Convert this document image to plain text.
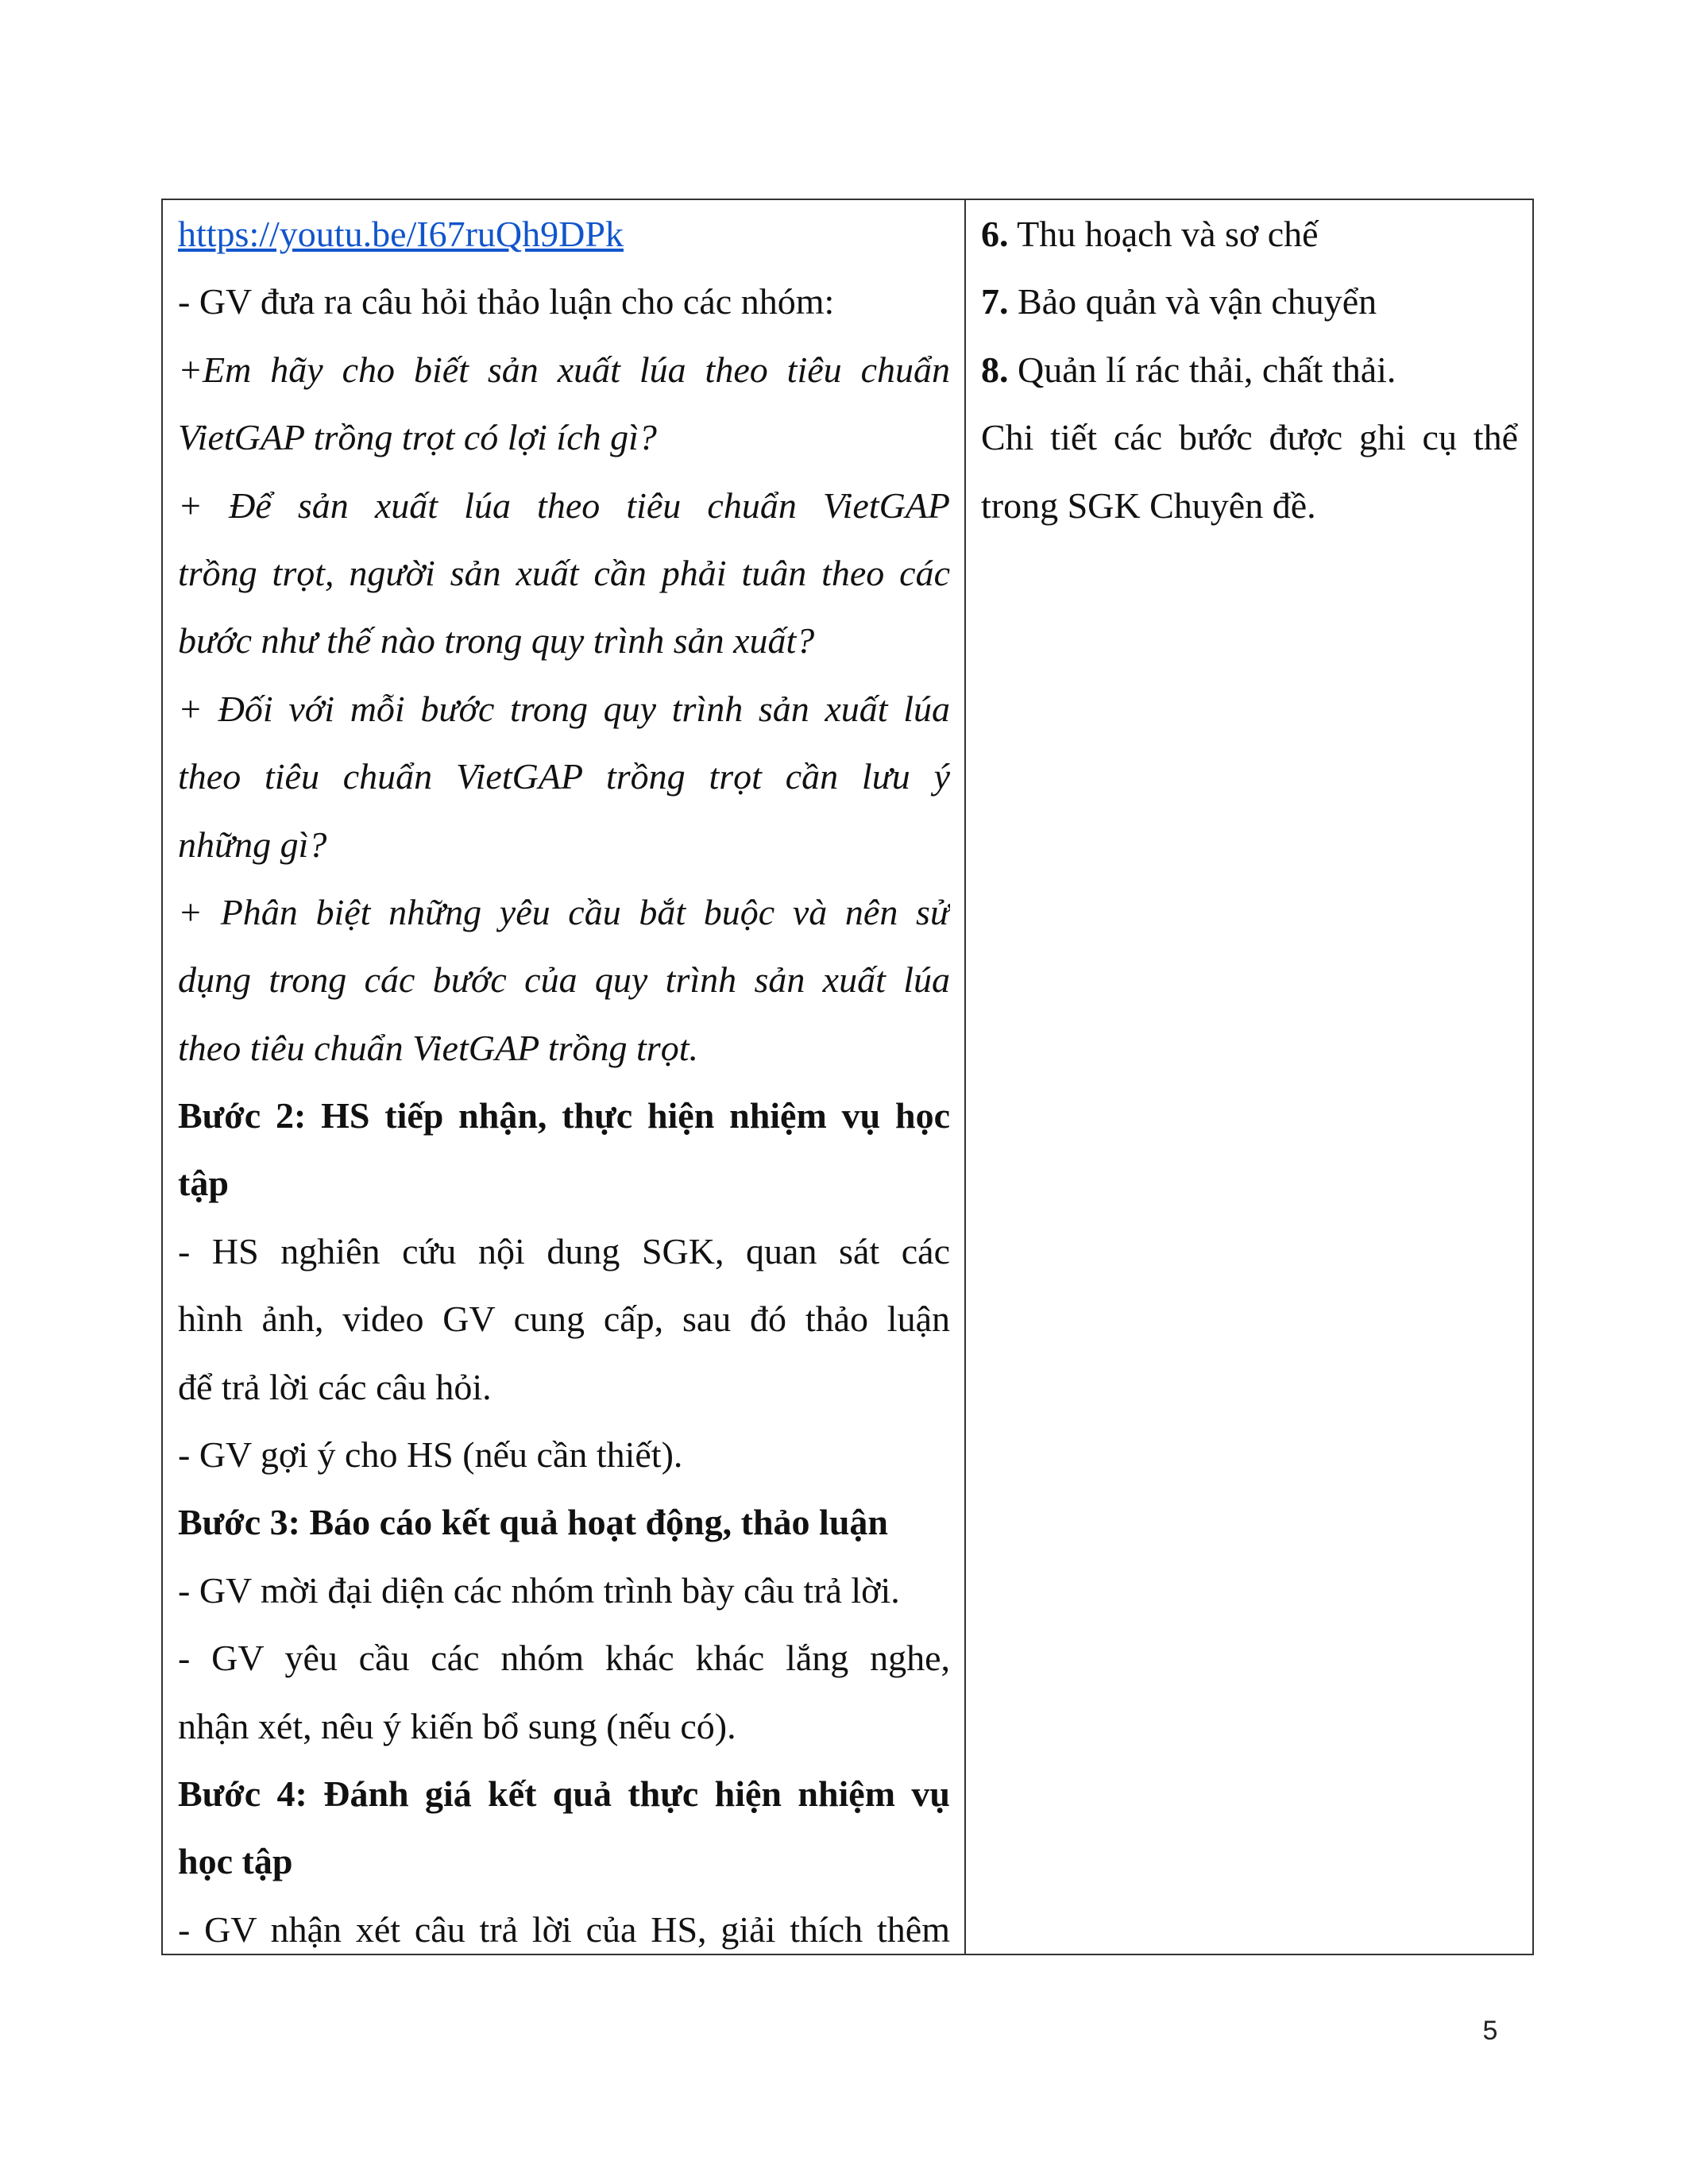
https://youtu.be/I67ruQh9DPk
- GV đưa ra câu hỏi thảo luận cho các nhóm:
+Em hãy cho biết sản xuất lúa theo tiêu chuẩn
VietGAP trồng trọt có lợi ích gì?
+ Để sản xuất lúa theo tiêu chuẩn VietGAP
trồng trọt, người sản xuất cần phải tuân theo các
bước như thế nào trong quy trình sản xuất?
+ Đối với mỗi bước trong quy trình sản xuất lúa
theo tiêu chuẩn VietGAP trồng trọt cần lưu ý
những gì?
+ Phân biệt những yêu cầu bắt buộc và nên sử
dụng trong các bước của quy trình sản xuất lúa
theo tiêu chuẩn VietGAP trồng trọt.
Bước 2: HS tiếp nhận, thực hiện nhiệm vụ học
tập
- HS nghiên cứu nội dung SGK, quan sát các
hình ảnh, video GV cung cấp, sau đó thảo luận
để trả lời các câu hỏi.
- GV gợi ý cho HS (nếu cần thiết).
Bước 3: Báo cáo kết quả hoạt động, thảo luận
- GV mời đại diện các nhóm trình bày câu trả lời.
- GV yêu cầu các nhóm khác khác lắng nghe,
nhận xét, nêu ý kiến bổ sung (nếu có).
Bước 4: Đánh giá kết quả thực hiện nhiệm vụ
học tập
- GV nhận xét câu trả lời của HS, giải thích thêm
6. Thu hoạch và sơ chế
7. Bảo quản và vận chuyển
8. Quản lí rác thải, chất thải.
Chi tiết các bước được ghi cụ thể
trong SGK Chuyên đề.
5
